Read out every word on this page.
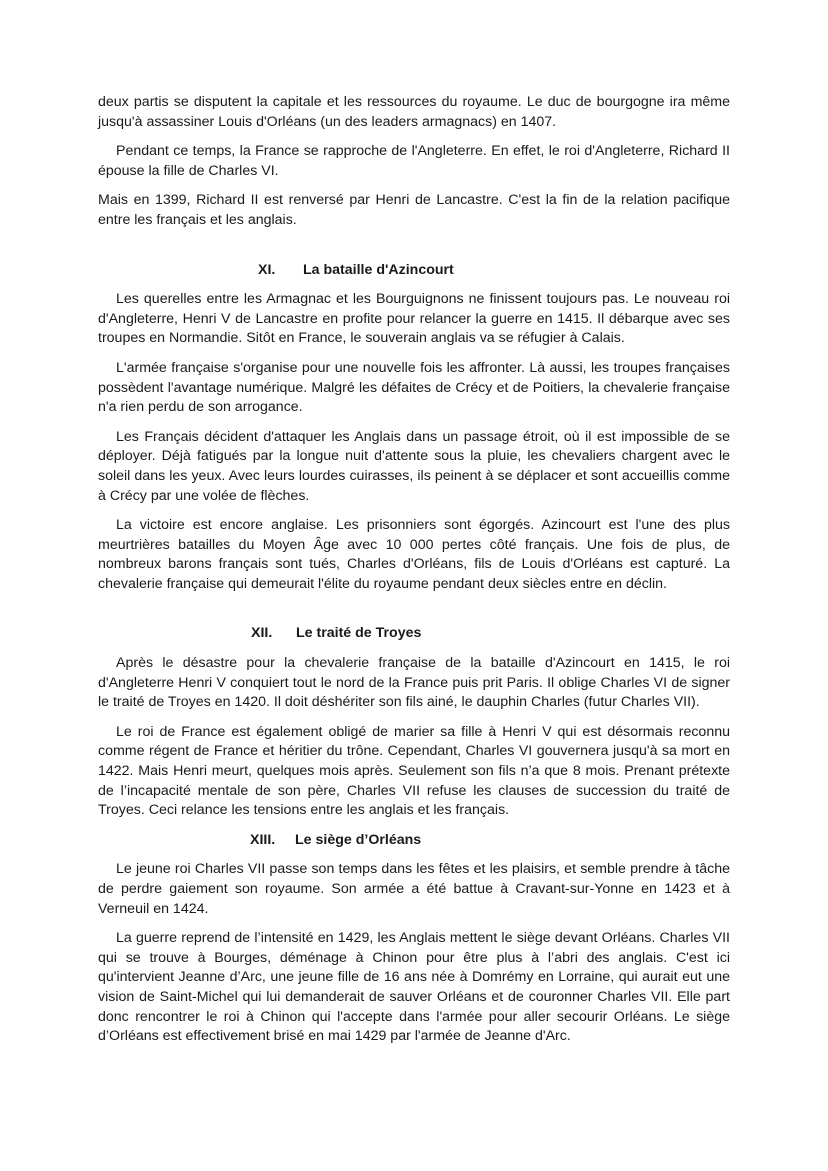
deux partis se disputent la capitale et les ressources du royaume. Le duc de bourgogne ira même jusqu'à assassiner Louis d'Orléans (un des leaders armagnacs) en 1407.

Pendant ce temps, la France se rapproche de l'Angleterre. En effet, le roi d'Angleterre, Richard II épouse la fille de Charles VI.

Mais en 1399, Richard II est renversé par Henri de Lancastre. C'est la fin de la relation pacifique entre les français et les anglais.

XI.	La bataille d'Azincourt

Les querelles entre les Armagnac et les Bourguignons ne finissent toujours pas. Le nouveau roi d'Angleterre, Henri V de Lancastre en profite pour relancer la guerre en 1415. Il débarque avec ses troupes en Normandie. Sitôt en France, le souverain anglais va se réfugier à Calais.

L'armée française s'organise pour une nouvelle fois les affronter. Là aussi, les troupes françaises possèdent l'avantage numérique. Malgré les défaites de Crécy et de Poitiers, la chevalerie française n'a rien perdu de son arrogance.

Les Français décident d'attaquer les Anglais dans un passage étroit, où il est impossible de se déployer. Déjà fatigués par la longue nuit d'attente sous la pluie, les chevaliers chargent avec le soleil dans les yeux. Avec leurs lourdes cuirasses, ils peinent à se déplacer et sont accueillis comme à Crécy par une volée de flèches.

La victoire est encore anglaise. Les prisonniers sont égorgés. Azincourt est l'une des plus meurtrières batailles du Moyen Âge avec 10 000 pertes côté français. Une fois de plus, de nombreux barons français sont tués, Charles d'Orléans, fils de Louis d'Orléans est capturé. La chevalerie française qui demeurait l'élite du royaume pendant deux siècles entre en déclin.

XII.	Le traité de Troyes

Après le désastre pour la chevalerie française de la bataille d'Azincourt en 1415, le roi d'Angleterre Henri V conquiert tout le nord de la France puis prit Paris. Il oblige Charles VI de signer le traité de Troyes en 1420. Il doit déshériter son fils ainé, le dauphin Charles (futur Charles VII).

Le roi de France est également obligé de marier sa fille à Henri V qui est désormais reconnu comme régent de France et héritier du trône. Cependant, Charles VI gouvernera jusqu'à sa mort en 1422. Mais Henri meurt, quelques mois après. Seulement son fils n’a que 8 mois. Prenant prétexte de l’incapacité mentale de son père, Charles VII refuse les clauses de succession du traité de Troyes. Ceci relance les tensions entre les anglais et les français.

XIII.	Le siège d’Orléans

Le jeune roi Charles VII passe son temps dans les fêtes et les plaisirs, et semble prendre à tâche de perdre gaiement son royaume. Son armée a été battue à Cravant-sur-Yonne en 1423 et à Verneuil en 1424.

La guerre reprend de l’intensité en 1429, les Anglais mettent le siège devant Orléans. Charles VII qui se trouve à Bourges, déménage à Chinon pour être plus à l’abri des anglais. C'est ici qu'intervient Jeanne d’Arc, une jeune fille de 16 ans née à Domrémy en Lorraine, qui aurait eut une vision de Saint-Michel qui lui demanderait de sauver Orléans et de couronner Charles VII. Elle part donc rencontrer le roi à Chinon qui l'accepte dans l'armée pour aller secourir Orléans. Le siège d’Orléans est effectivement brisé en mai 1429 par l'armée de Jeanne d'Arc.
